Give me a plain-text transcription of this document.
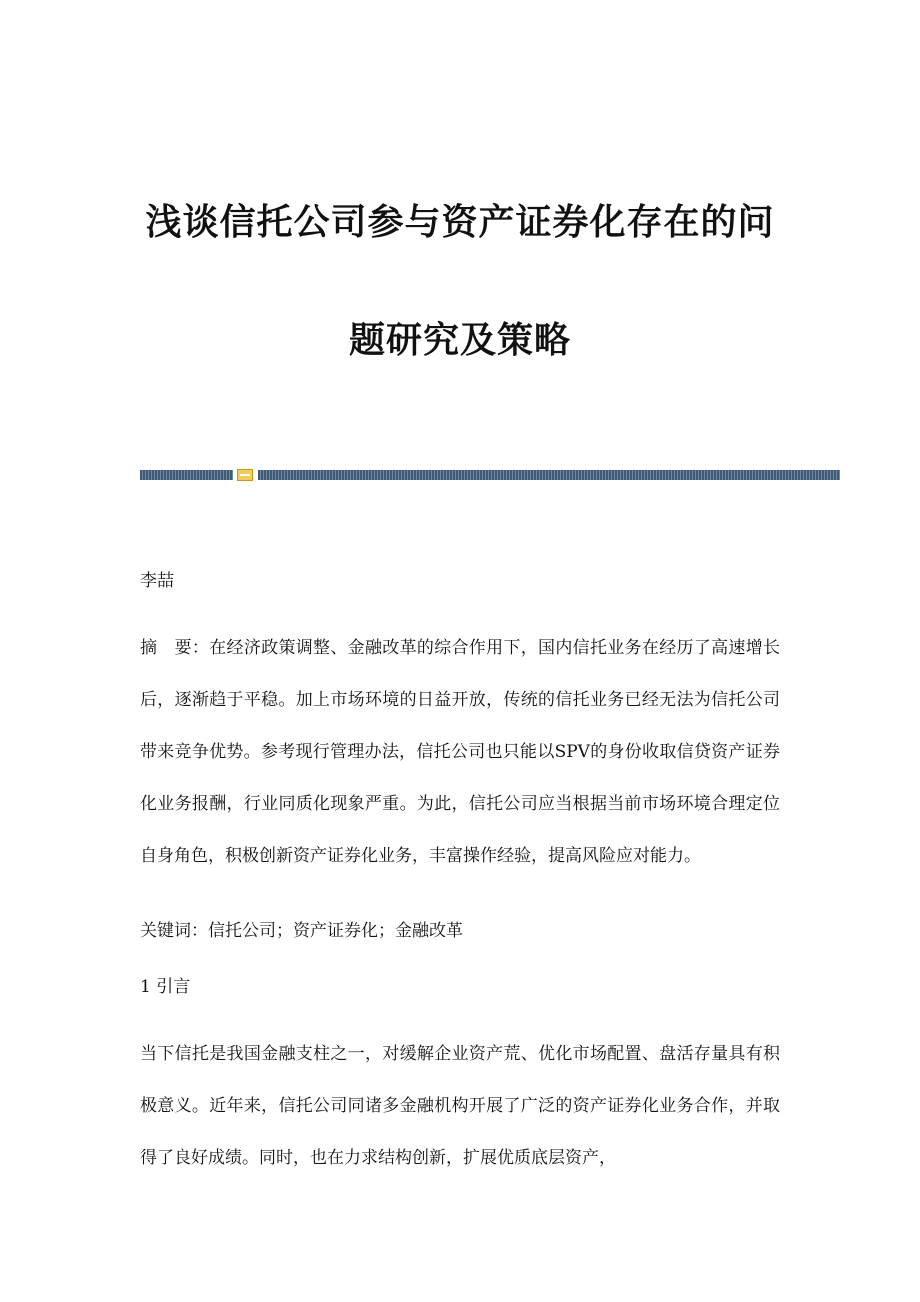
浅谈信托公司参与资产证券化存在的问
题研究及策略

李喆

摘　要：在经济政策调整、金融改革的综合作用下，国内信托业务在经历了高速增长后，逐渐趋于平稳。加上市场环境的日益开放，传统的信托业务已经无法为信托公司带来竞争优势。参考现行管理办法，信托公司也只能以SPV的身份收取信贷资产证券化业务报酬，行业同质化现象严重。为此，信托公司应当根据当前市场环境合理定位自身角色，积极创新资产证券化业务，丰富操作经验，提高风险应对能力。

关键词：信托公司；资产证券化；金融改革

1 引言

当下信托是我国金融支柱之一，对缓解企业资产荒、优化市场配置、盘活存量具有积极意义。近年来，信托公司同诸多金融机构开展了广泛的资产证券化业务合作，并取得了良好成绩。同时，也在力求结构创新，扩展优质底层资产，
